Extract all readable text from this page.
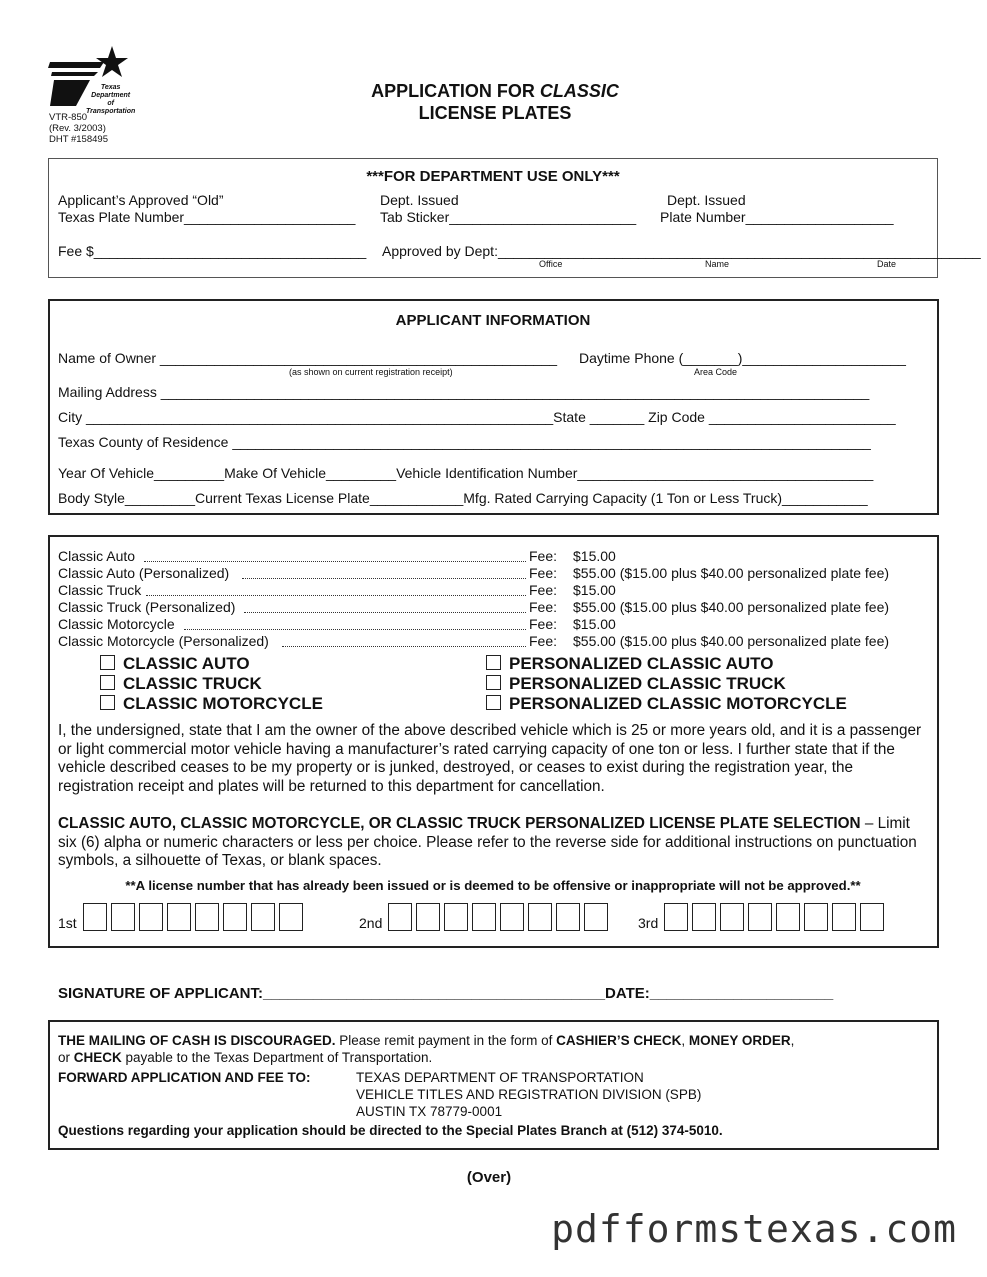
Texas
Department
of Transportation
VTR-850
(Rev. 3/2003)
DHT #158495
APPLICATION FOR CLASSIC
LICENSE PLATES
***FOR DEPARTMENT USE ONLY***
Applicant’s Approved “Old”
Texas Plate Number______________________
Dept. Issued
Tab Sticker________________________
Dept. Issued
Plate Number___________________
Fee $___________________________________ Approved by Dept:______________________________________________________________
Office	Name	Date
APPLICANT INFORMATION
Name of Owner ___________________________________________________
(as shown on current registration receipt)
Daytime Phone (_______)_____________________
Area Code
Mailing Address ___________________________________________________________________________________________
City ____________________________________________________________State _______ Zip Code ________________________
Texas County of Residence __________________________________________________________________________________
Year Of Vehicle_________Make Of Vehicle_________Vehicle Identification Number______________________________________
Body Style_________Current Texas License Plate____________Mfg. Rated Carrying Capacity (1 Ton or Less Truck)___________
Classic Auto	Fee: $15.00
Classic Auto (Personalized)	Fee: $55.00 ($15.00 plus $40.00 personalized plate fee)
Classic Truck	Fee: $15.00
Classic Truck (Personalized)	Fee: $55.00 ($15.00 plus $40.00 personalized plate fee)
Classic Motorcycle	Fee: $15.00
Classic Motorcycle (Personalized)	Fee: $55.00 ($15.00 plus $40.00 personalized plate fee)
CLASSIC AUTO
CLASSIC TRUCK
CLASSIC MOTORCYCLE
PERSONALIZED CLASSIC AUTO
PERSONALIZED CLASSIC TRUCK
PERSONALIZED CLASSIC MOTORCYCLE
I, the undersigned, state that I am the owner of the above described vehicle which is 25 or more years old, and it is a passenger or light commercial motor vehicle having a manufacturer’s rated carrying capacity of one ton or less. I further state that if the vehicle described ceases to be my property or is junked, destroyed, or ceases to exist during the registration year, the registration receipt and plates will be returned to this department for cancellation.
CLASSIC AUTO, CLASSIC MOTORCYCLE, OR CLASSIC TRUCK PERSONALIZED LICENSE PLATE SELECTION – Limit six (6) alpha or numeric characters or less per choice. Please refer to the reverse side for additional instructions on punctuation symbols, a silhouette of Texas, or blank spaces.
**A license number that has already been issued or is deemed to be offensive or inappropriate will not be approved.**
1st	2nd	3rd
SIGNATURE OF APPLICANT:_________________________________________DATE:______________________
THE MAILING OF CASH IS DISCOURAGED. Please remit payment in the form of CASHIER’S CHECK, MONEY ORDER,
or CHECK payable to the Texas Department of Transportation.
FORWARD APPLICATION AND FEE TO:	TEXAS DEPARTMENT OF TRANSPORTATION
VEHICLE TITLES AND REGISTRATION DIVISION (SPB)
AUSTIN TX 78779-0001
Questions regarding your application should be directed to the Special Plates Branch at (512) 374-5010.
(Over)
pdfformstexas.com
